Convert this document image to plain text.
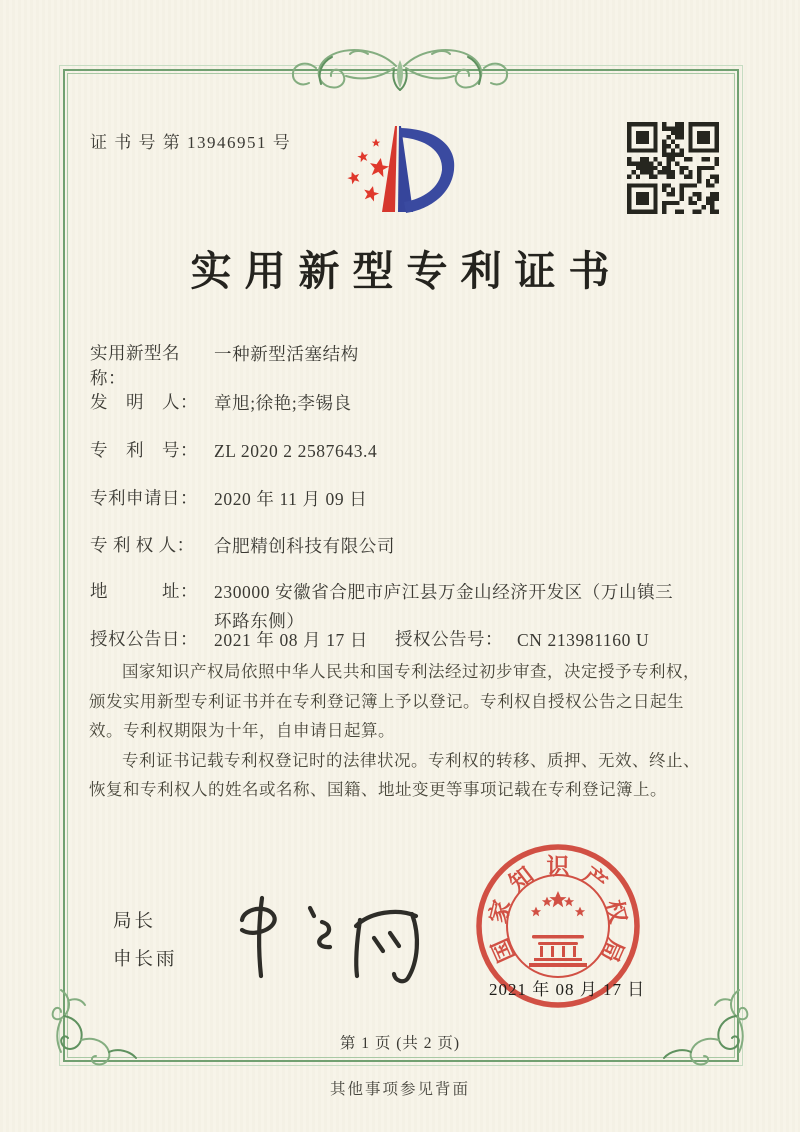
证 书 号 第 13946951 号
实用新型专利证书
实用新型名称：
一种新型活塞结构
发　明　人： 章旭;徐艳;李锡良
专　利　号： ZL 2020 2 2587643.4
专利申请日： 2020 年 11 月 09 日
专 利 权 人：	合肥精创科技有限公司
地　　　址： 230000 安徽省合肥市庐江县万金山经济开发区（万山镇三环路东侧）
授权公告日： 2021 年 08 月 17 日	授权公告号： CN 213981160 U

国家知识产权局依照中华人民共和国专利法经过初步审查，决定授予专利权，颁发实用新型专利证书并在专利登记簿上予以登记。专利权自授权公告之日起生效。专利权期限为十年，自申请日起算。

专利证书记载专利权登记时的法律状况。专利权的转移、质押、无效、终止、恢复和专利权人的姓名或名称、国籍、地址变更等事项记载在专利登记簿上。

局长
申长雨	国
家
知 识 产
权
局
2021 年 08 月 17 日
第 1 页 (共 2 页)
其他事项参见背面
